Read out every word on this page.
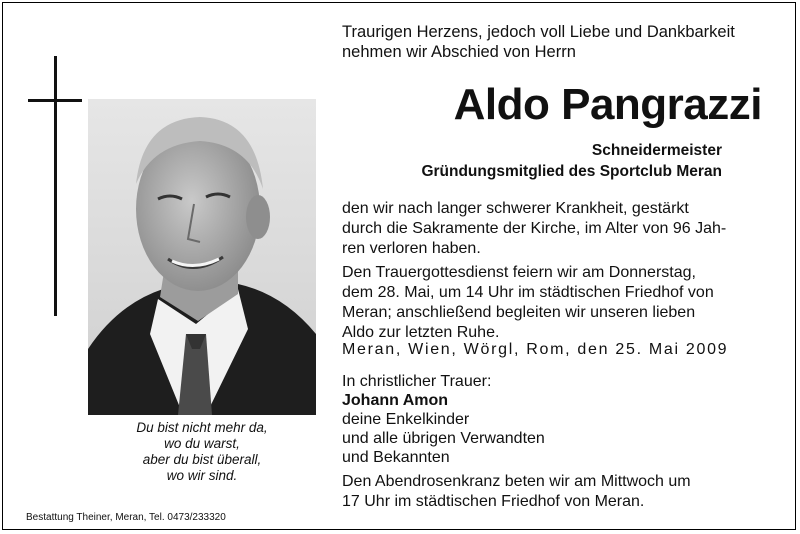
Du bist nicht mehr da,
wo du warst,
aber du bist überall,
wo wir sind.
Bestattung Theiner, Meran, Tel. 0473/233320
Traurigen Herzens, jedoch voll Liebe und Dankbarkeit
nehmen wir Abschied von Herrn
Aldo Pangrazzi
Schneidermeister
Gründungsmitglied des Sportclub Meran
den wir nach langer schwerer Krankheit, gestärkt
durch die Sakramente der Kirche, im Alter von 96 Jah-
ren verloren haben.
Den Trauergottesdienst feiern wir am Donnerstag,
dem 28. Mai, um 14 Uhr im städtischen Friedhof von
Meran; anschließend begleiten wir unseren lieben
Aldo zur letzten Ruhe.
Meran, Wien, Wörgl, Rom, den 25. Mai 2009
In christlicher Trauer:
Johann Amon
deine Enkelkinder
und alle übrigen Verwandten
und Bekannten
Den Abendrosenkranz beten wir am Mittwoch um
17 Uhr im städtischen Friedhof von Meran.
